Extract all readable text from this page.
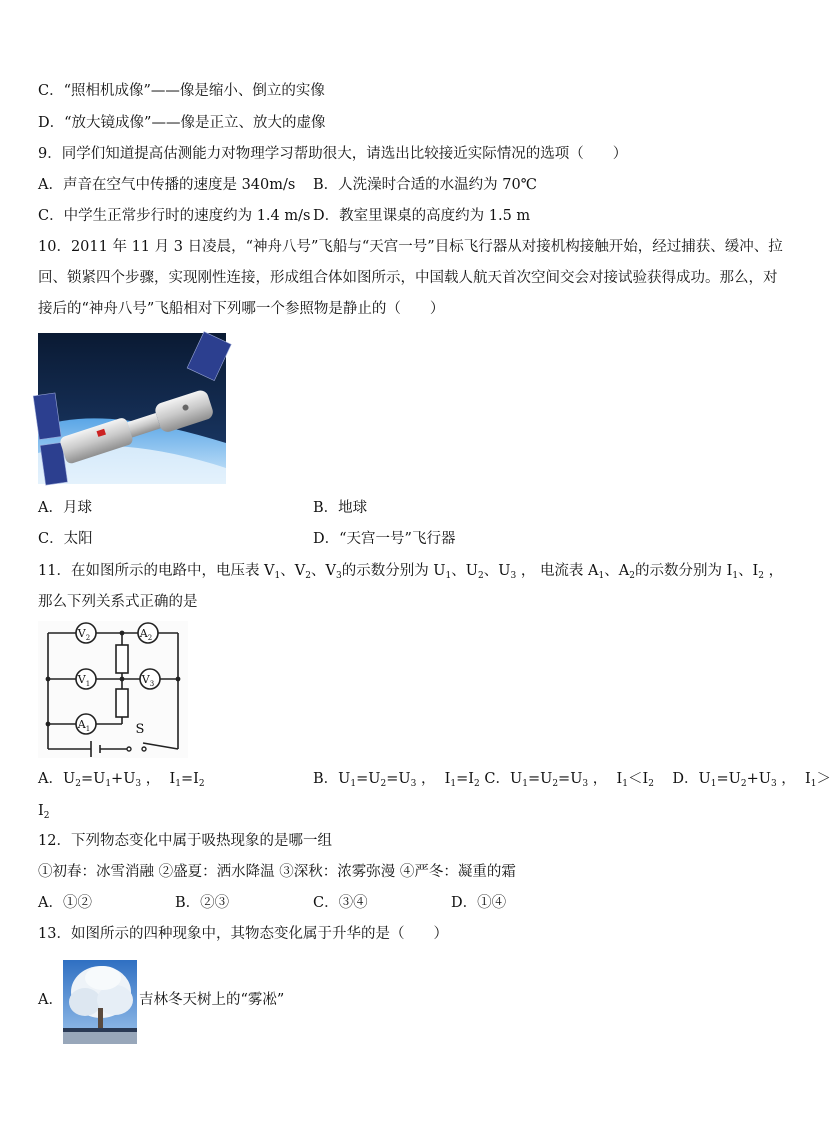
C．“照相机成像”——像是缩小、倒立的实像
D．“放大镜成像”——像是正立、放大的虚像
9．同学们知道提高估测能力对物理学习帮助很大，请选出比较接近实际情况的选项（　　）
A．声音在空气中传播的速度是 340m/s B．人洗澡时合适的水温约为 70℃
C．中学生正常步行时的速度约为 1.4 m/s D．教室里课桌的高度约为 1.5 m
10．2011 年 11 月 3 日凌晨，“神舟八号”飞船与“天宫一号”目标飞行器从对接机构接触开始，经过捕获、缓冲、拉
回、锁紧四个步骤，实现刚性连接，形成组合体如图所示，中国载人航天首次空间交会对接试验获得成功。那么，对
接后的“神舟八号”飞船相对下列哪一个参照物是静止的（　　）
A．月球	B．地球
C．太阳	D．“天宫一号”飞行器
11．在如图所示的电路中，电压表 $V_1$、$V_2$、$V_3$的示数分别为 $U_1$、$U_2$、$U_3$ ， 电流表 $A_1$、$A_2$的示数分别为 $I_1$、$I_2$ ，
那么下列关系式正确的是
$V_2$	$A_2$
$V_1$	$V_3$
$A_1$	S
A．$U_2=U_1+U_3$ ，  $I_1=I_2$	B．$U_1=U_2=U_3$ ，  $I_1=I_2$ C．$U_1=U_2=U_3$ ，  $I_1<I_2$ D．$U_1=U_2+U_3$ ，  $I_1>$
$I_2$
12．下列物态变化中属于吸热现象的是哪一组
①初春：冰雪消融 ②盛夏：洒水降温 ③深秋：浓雾弥漫 ④严冬：凝重的霜
A．①②	B．②③	C．③④	D．①④
13．如图所示的四种现象中，其物态变化属于升华的是（　　）
A．	吉林冬天树上的“雾凇”
